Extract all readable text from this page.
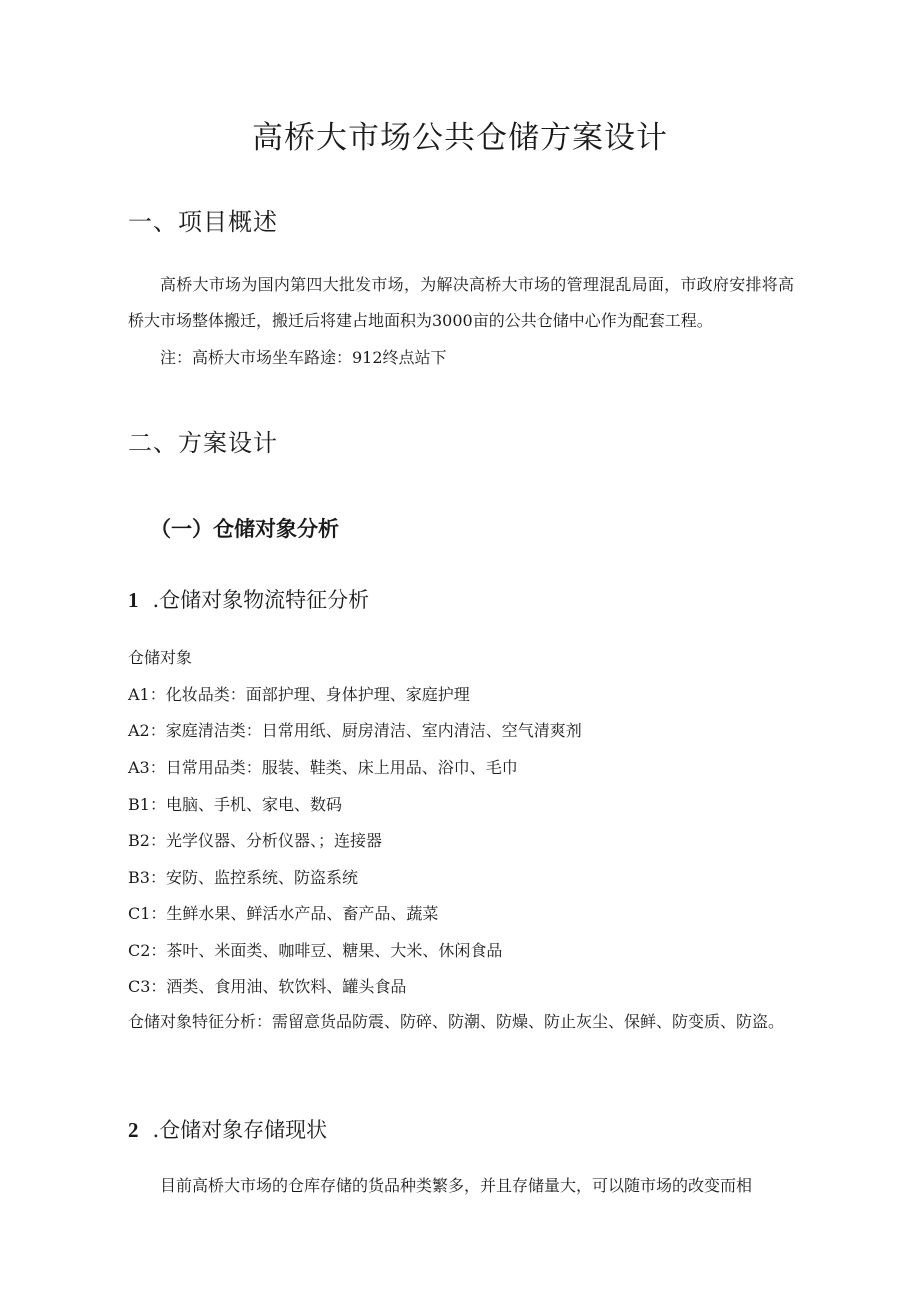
高桥大市场公共仓储方案设计
一、项目概述

高桥大市场为国内第四大批发市场，为解决高桥大市场的管理混乱局面，市政府安排将高桥大市场整体搬迁，搬迁后将建占地面积为3000亩的公共仓储中心作为配套工程。

注：高桥大市场坐车路途：912终点站下

二、方案设计
（一）仓储对象分析
1 .仓储对象物流特征分析

仓储对象

A1：化妆品类：面部护理、身体护理、家庭护理

A2：家庭清洁类：日常用纸、厨房清洁、室内清洁、空气清爽剂

A3：日常用品类：服装、鞋类、床上用品、浴巾、毛巾

B1：电脑、手机、家电、数码

B2：光学仪器、分析仪器、；连接器

B3：安防、监控系统、防盗系统

C1：生鲜水果、鲜活水产品、畜产品、蔬菜

C2：茶叶、米面类、咖啡豆、糖果、大米、休闲食品

C3：酒类、食用油、软饮料、罐头食品

仓储对象特征分析：需留意货品防震、防碎、防潮、防燥、防止灰尘、保鲜、防变质、防盗。

2 .仓储对象存储现状

目前高桥大市场的仓库存储的货品种类繁多，并且存储量大，可以随市场的改变而相
